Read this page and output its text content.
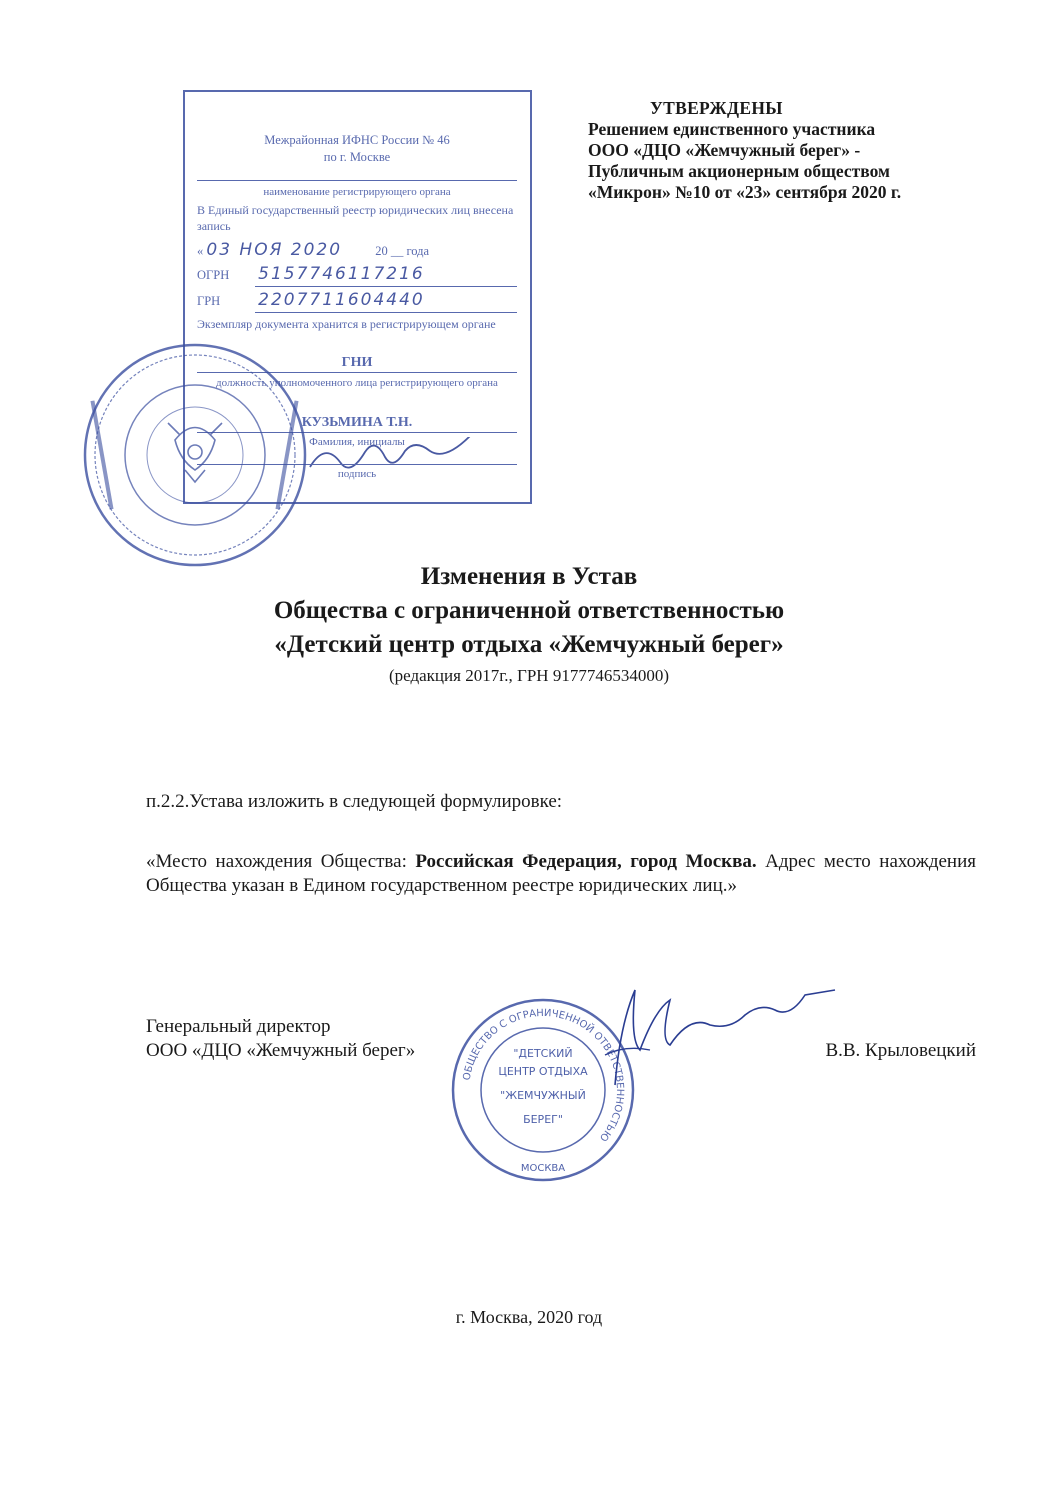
УТВЕРЖДЕНЫ
Решением единственного участника
ООО «ДЦО «Жемчужный берег» -
Публичным акционерным обществом
«Микрон» №10 от «23» сентября 2020 г.
Межрайонная ИФНС России № 46
по г. Москве
наименование регистрирующего органа
В Единый государственный реестр юридических лиц внесена запись
« 03 НОЯ 2020	20 __ года
ОГРН 5157746117216
ГРН 2207711604440
Экземпляр документа хранится в регистрирующем органе
ГНИ
должность уполномоченного лица регистрирующего органа
КУЗЬМИНА Т.Н.
Фамилия, инициалы
подпись
Изменения в Устав
Общества с ограниченной ответственностью
«Детский центр отдыха «Жемчужный берег»
(редакция 2017г., ГРН 9177746534000)
п.2.2.Устава изложить в следующей формулировке:
«Место нахождения Общества: Российская Федерация, город Москва. Адрес место нахождения Общества указан в Едином государственном реестре юридических лиц.»
ОБЩЕСТВО С ОГРАНИЧЕННОЙ ОТВЕТСТВЕННОСТЬЮ
"ДЕТСКИЙ
ЦЕНТР ОТДЫХА
"ЖЕМЧУЖНЫЙ
БЕРЕГ"
МОСКВА
Генеральный директор
ООО «ДЦО «Жемчужный берег»	В.В. Крыловецкий
г. Москва, 2020 год
